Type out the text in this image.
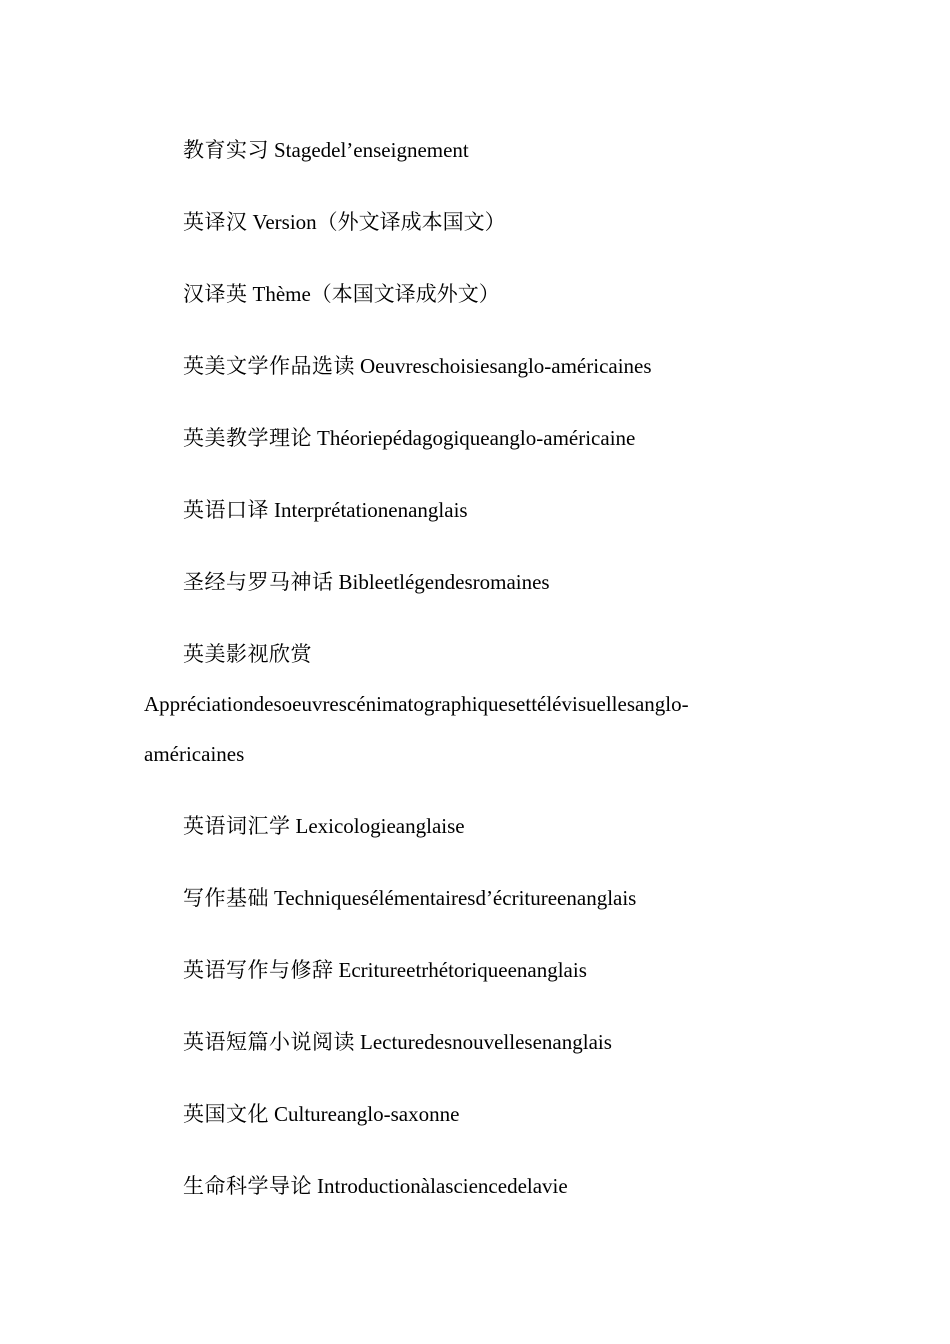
教育实习 Stagedel’enseignement
英译汉 Version（外文译成本国文）
汉译英 Thème（本国文译成外文）
英美文学作品选读 Oeuvreschoisiesanglo-américaines
英美教学理论 Théoriepédagogiqueanglo-américaine
英语口译 Interprétationenanglais
圣经与罗马神话 Bibleetlégendesromaines
英美影视欣赏
Appréciationdesoeuvrescénimatographiquesettélévisuellesanglo-
américaines
英语词汇学 Lexicologieanglaise
写作基础 Techniquesélémentairesd’écritureenanglais
英语写作与修辞 Ecritureetrhétoriqueenanglais
英语短篇小说阅读 Lecturedesnouvellesenanglais
英国文化 Cultureanglo-saxonne
生命科学导论 Introductionàlasciencedelavie
